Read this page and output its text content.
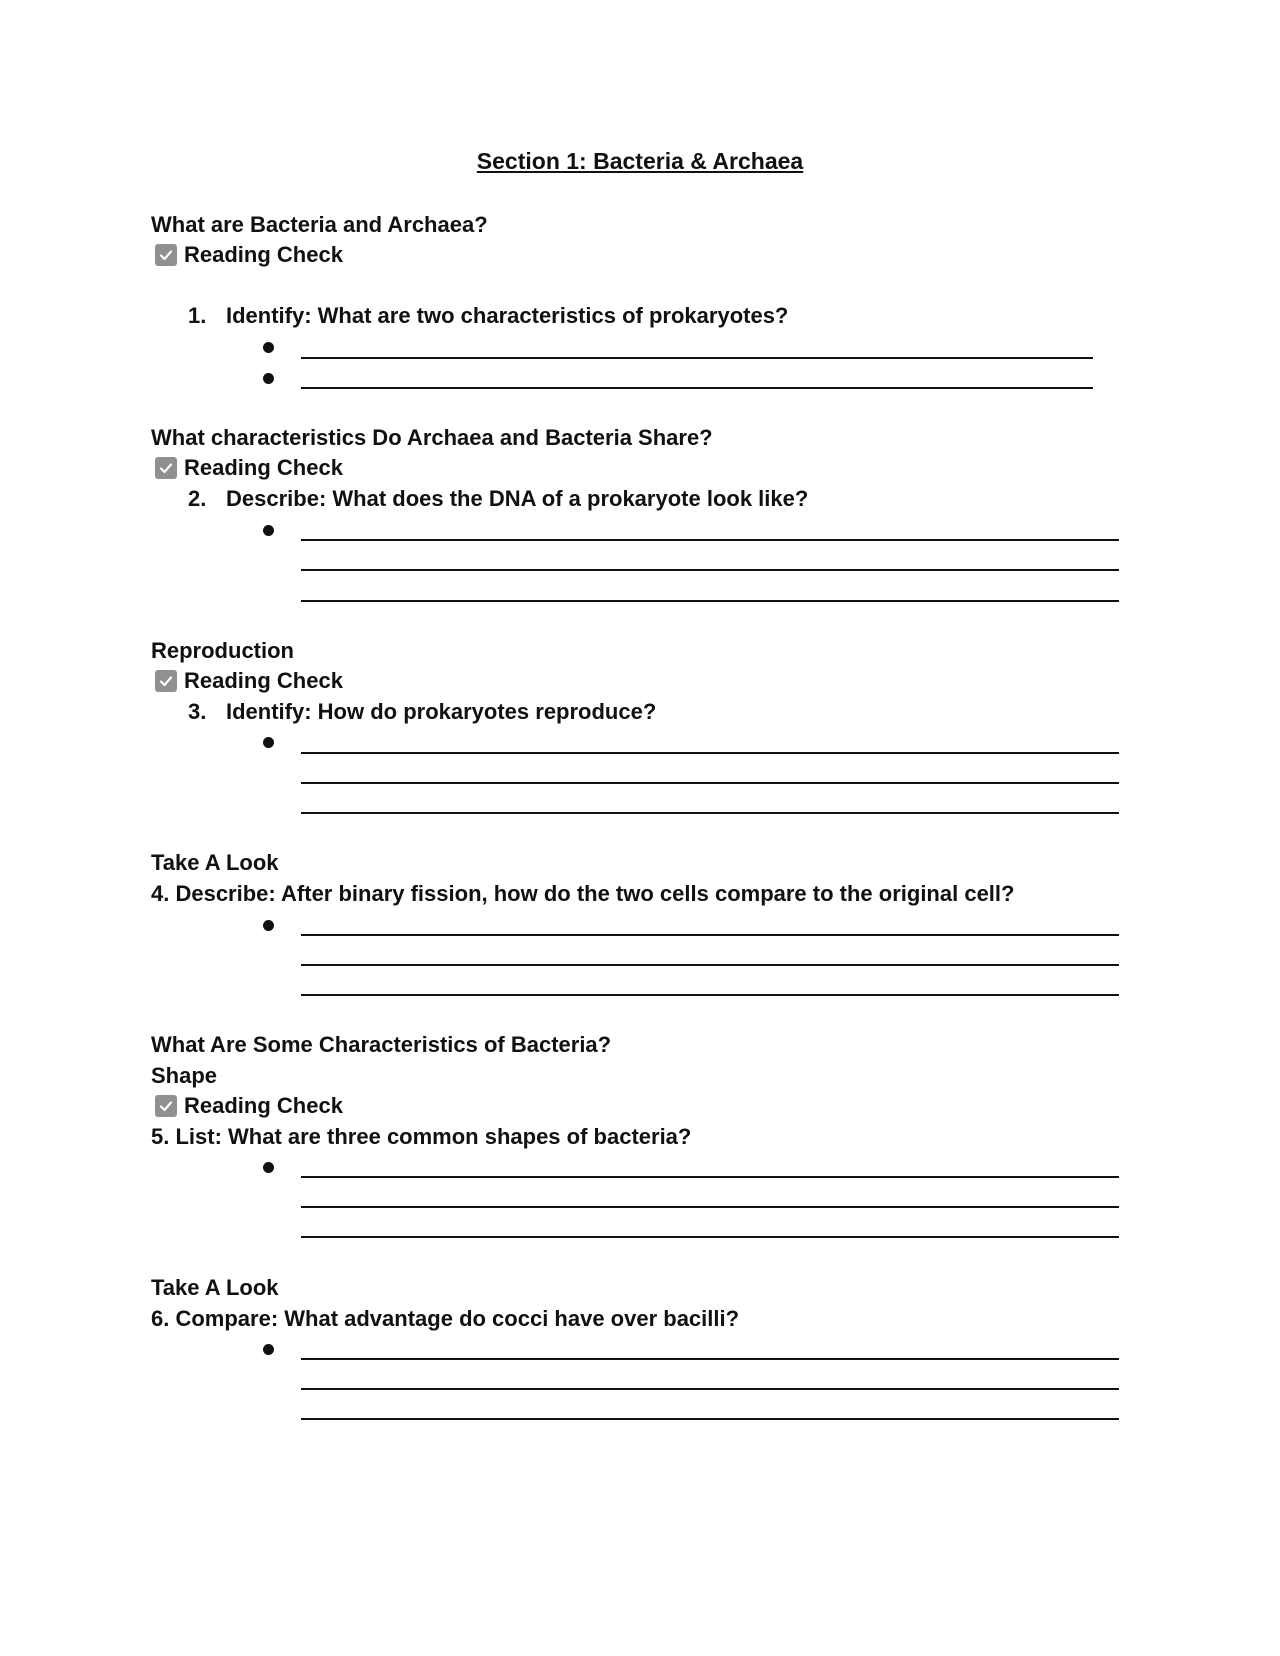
Section 1: Bacteria & Archaea
What are Bacteria and Archaea?
Reading Check
1. Identify: What are two characteristics of prokaryotes?
What characteristics Do Archaea and Bacteria Share?
Reading Check
2. Describe: What does the DNA of a prokaryote look like?
Reproduction
Reading Check
3. Identify: How do prokaryotes reproduce?
Take A Look
4. Describe: After binary fission, how do the two cells compare to the original cell?
What Are Some Characteristics of Bacteria?
Shape
Reading Check
5. List: What are three common shapes of bacteria?
Take A Look
6. Compare: What advantage do cocci have over bacilli?
